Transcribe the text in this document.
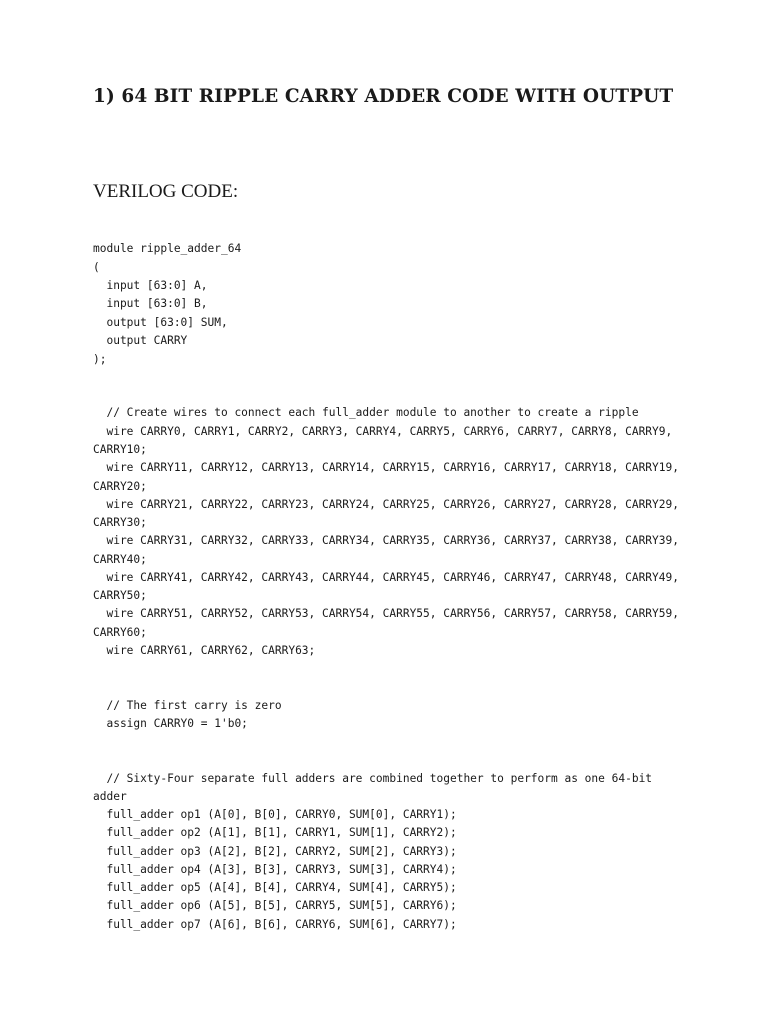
1) 64 BIT RIPPLE CARRY ADDER CODE WITH OUTPUT
VERILOG CODE:
module ripple_adder_64
(
input [63:0] A,
input [63:0] B,
output [63:0] SUM,
output CARRY
);
// Create wires to connect each full_adder module to another to create a ripple
wire CARRY0, CARRY1, CARRY2, CARRY3, CARRY4, CARRY5, CARRY6, CARRY7, CARRY8, CARRY9,
CARRY10;
wire CARRY11, CARRY12, CARRY13, CARRY14, CARRY15, CARRY16, CARRY17, CARRY18, CARRY19,
CARRY20;
wire CARRY21, CARRY22, CARRY23, CARRY24, CARRY25, CARRY26, CARRY27, CARRY28, CARRY29,
CARRY30;
wire CARRY31, CARRY32, CARRY33, CARRY34, CARRY35, CARRY36, CARRY37, CARRY38, CARRY39,
CARRY40;
wire CARRY41, CARRY42, CARRY43, CARRY44, CARRY45, CARRY46, CARRY47, CARRY48, CARRY49,
CARRY50;
wire CARRY51, CARRY52, CARRY53, CARRY54, CARRY55, CARRY56, CARRY57, CARRY58, CARRY59,
CARRY60;
wire CARRY61, CARRY62, CARRY63;
// The first carry is zero
assign CARRY0 = 1'b0;
// Sixty-Four separate full adders are combined together to perform as one 64-bit
adder
full_adder op1 (A[0], B[0], CARRY0, SUM[0], CARRY1);
full_adder op2 (A[1], B[1], CARRY1, SUM[1], CARRY2);
full_adder op3 (A[2], B[2], CARRY2, SUM[2], CARRY3);
full_adder op4 (A[3], B[3], CARRY3, SUM[3], CARRY4);
full_adder op5 (A[4], B[4], CARRY4, SUM[4], CARRY5);
full_adder op6 (A[5], B[5], CARRY5, SUM[5], CARRY6);
full_adder op7 (A[6], B[6], CARRY6, SUM[6], CARRY7);
